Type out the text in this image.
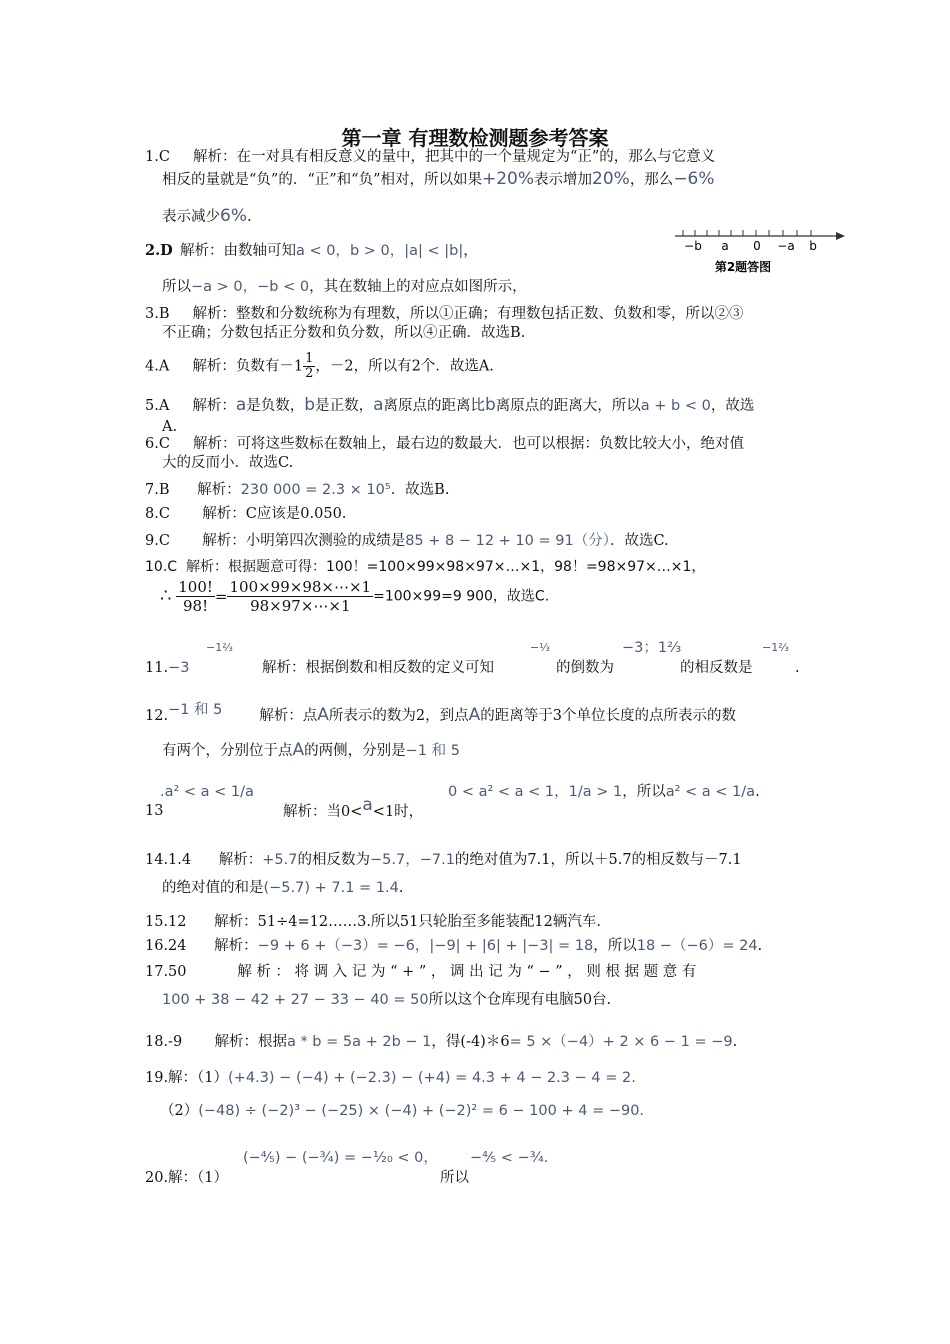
第一章 有理数检测题参考答案
1.C 解析：在一对具有相反意义的量中，把其中的一个量规定为“正”的，那么与它意义
相反的量就是“负”的．“正”和“负”相对，所以如果+20%表示增加20%，那么−6%
表示减少6%.
2.D 解析：由数轴可知a < 0，b > 0，|a| < |b|，
所以−a > 0，−b < 0，其在数轴上的对应点如图所示，
−b a 0 −a b
第2题答图
3.B 解析：整数和分数统称为有理数，所以①正确；有理数包括正数、负数和零，所以②③
不正确；分数包括正分数和负分数，所以④正确．故选B.
4.A 解析：负数有$-1 \frac{1}{2}$ ，－2，所以有2个．故选A.
5.A 解析：a是负数，b是正数，a离原点的距离比b离原点的距离大，所以a + b < 0，故选
A.
6.C 解析：可将这些数标在数轴上，最右边的数最大．也可以根据：负数比较大小，绝对值
大的反而小．故选C.
7.B 解析：230 000 = 2.3 × 10⁵．故选B.
8.C 解析：C应该是0.050.
9.C 解析：小明第四次测验的成绩是85 + 8 − 12 + 10 = 91（分）．故选C.
10.C 解析：根据题意可得：100！=100×99×98×97×…×1，98！=98×97×…×1，
∴ $\frac{100!}{98!} = \frac{100\times 99\times 98\times\cdots\times 1}{98\times 97\times\cdots\times 1} =100\times 99=9$ 900，故选C.
11.−3
−1⅔
解析：根据倒数和相反数的定义可知
−⅓
的倒数为
−3；1⅔
的相反数是
−1⅔
.
12.−1 和 5	解析：点A所表示的数为2，到点A的距离等于3个单位长度的点所表示的数
有两个，分别位于点A的两侧，分别是−1 和 5
.a² < a < 1/a	0 < a² < a < 1，1/a > 1，所以a² < a < 1/a.
13	解析：当0<a<1时，
14.1.4 解析：+5.7的相反数为−5.7，−7.1的绝对值为7.1，所以＋5.7的相反数与－7.1
的绝对值的和是(−5.7) + 7.1 = 1.4.
15.12 解析：51÷4=12……3.所以51只轮胎至多能装配12辆汽车.
16.24 解析：−9 + 6 +（−3）= −6，|−9| + |6| + |−3| = 18，所以18 −（−6）= 24.
17.50	解 析 ： 将 调 入 记 为 “ + ” ， 调 出 记 为 “ − ” ， 则 根 据 题 意 有
100 + 38 − 42 + 27 − 33 − 40 = 50所以这个仓库现有电脑50台.
18.-9 解析：根据a * b = 5a + 2b − 1，得(-4)＊6= 5 ×（−4）+ 2 × 6 − 1 = −9.
19.解：（1）(+4.3) − (−4) + (−2.3) − (+4) = 4.3 + 4 − 2.3 − 4 = 2.
（2）(−48) ÷ (−2)³ − (−25) × (−4) + (−2)² = 6 − 100 + 4 = −90.
(−⁴⁄₅) − (−¾) = −¹⁄₂₀ < 0， −⁴⁄₅ < −¾.
20.解：（1）	所以
